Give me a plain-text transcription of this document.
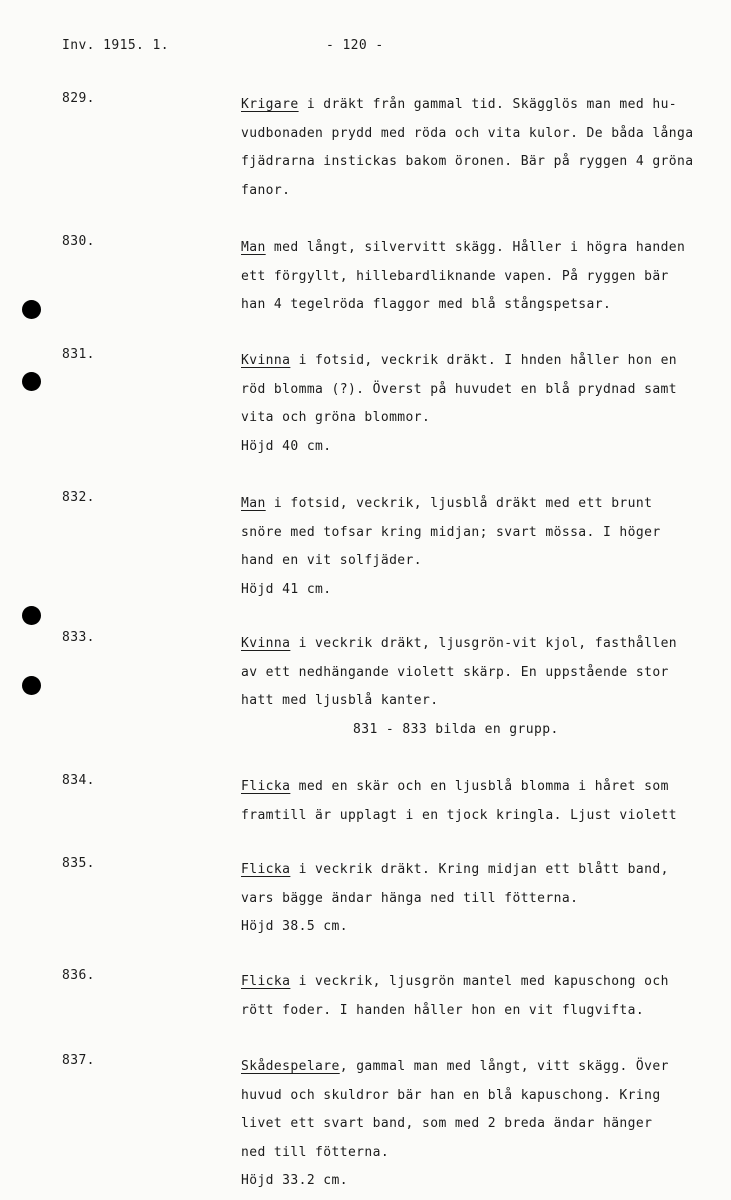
Inv. 1915. 1.	- 120 -
829.	Krigare i dräkt från gammal tid. Skägglös man med hu-
vudbonaden prydd med röda och vita kulor. De båda långa
fjädrarna instickas bakom öronen. Bär på ryggen 4 gröna
fanor.
830.	Man med långt, silvervitt skägg. Håller i högra handen
ett förgyllt, hillebardliknande vapen. På ryggen bär
han 4 tegelröda flaggor med blå stångspetsar.
831.	Kvinna i fotsid, veckrik dräkt. I hnden håller hon en
röd blomma (?). Överst på huvudet en blå prydnad samt
vita och gröna blommor.
Höjd 40 cm.
832.	Man i fotsid, veckrik, ljusblå dräkt med ett brunt
snöre med tofsar kring midjan; svart mössa. I höger
hand en vit solfjäder.
Höjd 41 cm.
833.	Kvinna i veckrik dräkt, ljusgrön-vit kjol, fasthållen
av ett nedhängande violett skärp. En uppstående stor
hatt med ljusblå kanter.
831 - 833 bilda en grupp.
834.	Flicka med en skär och en ljusblå blomma i håret som
framtill är upplagt i en tjock kringla. Ljust violett
835.	Flicka i veckrik dräkt. Kring midjan ett blått band,
vars bägge ändar hänga ned till fötterna.
Höjd 38.5 cm.
836.	Flicka i veckrik, ljusgrön mantel med kapuschong och
rött foder. I handen håller hon en vit flugvifta.
837.	Skådespelare, gammal man med långt, vitt skägg. Över
huvud och skuldror bär han en blå kapuschong. Kring
livet ett svart band, som med 2 breda ändar hänger
ned till fötterna.
Höjd 33.2 cm.
